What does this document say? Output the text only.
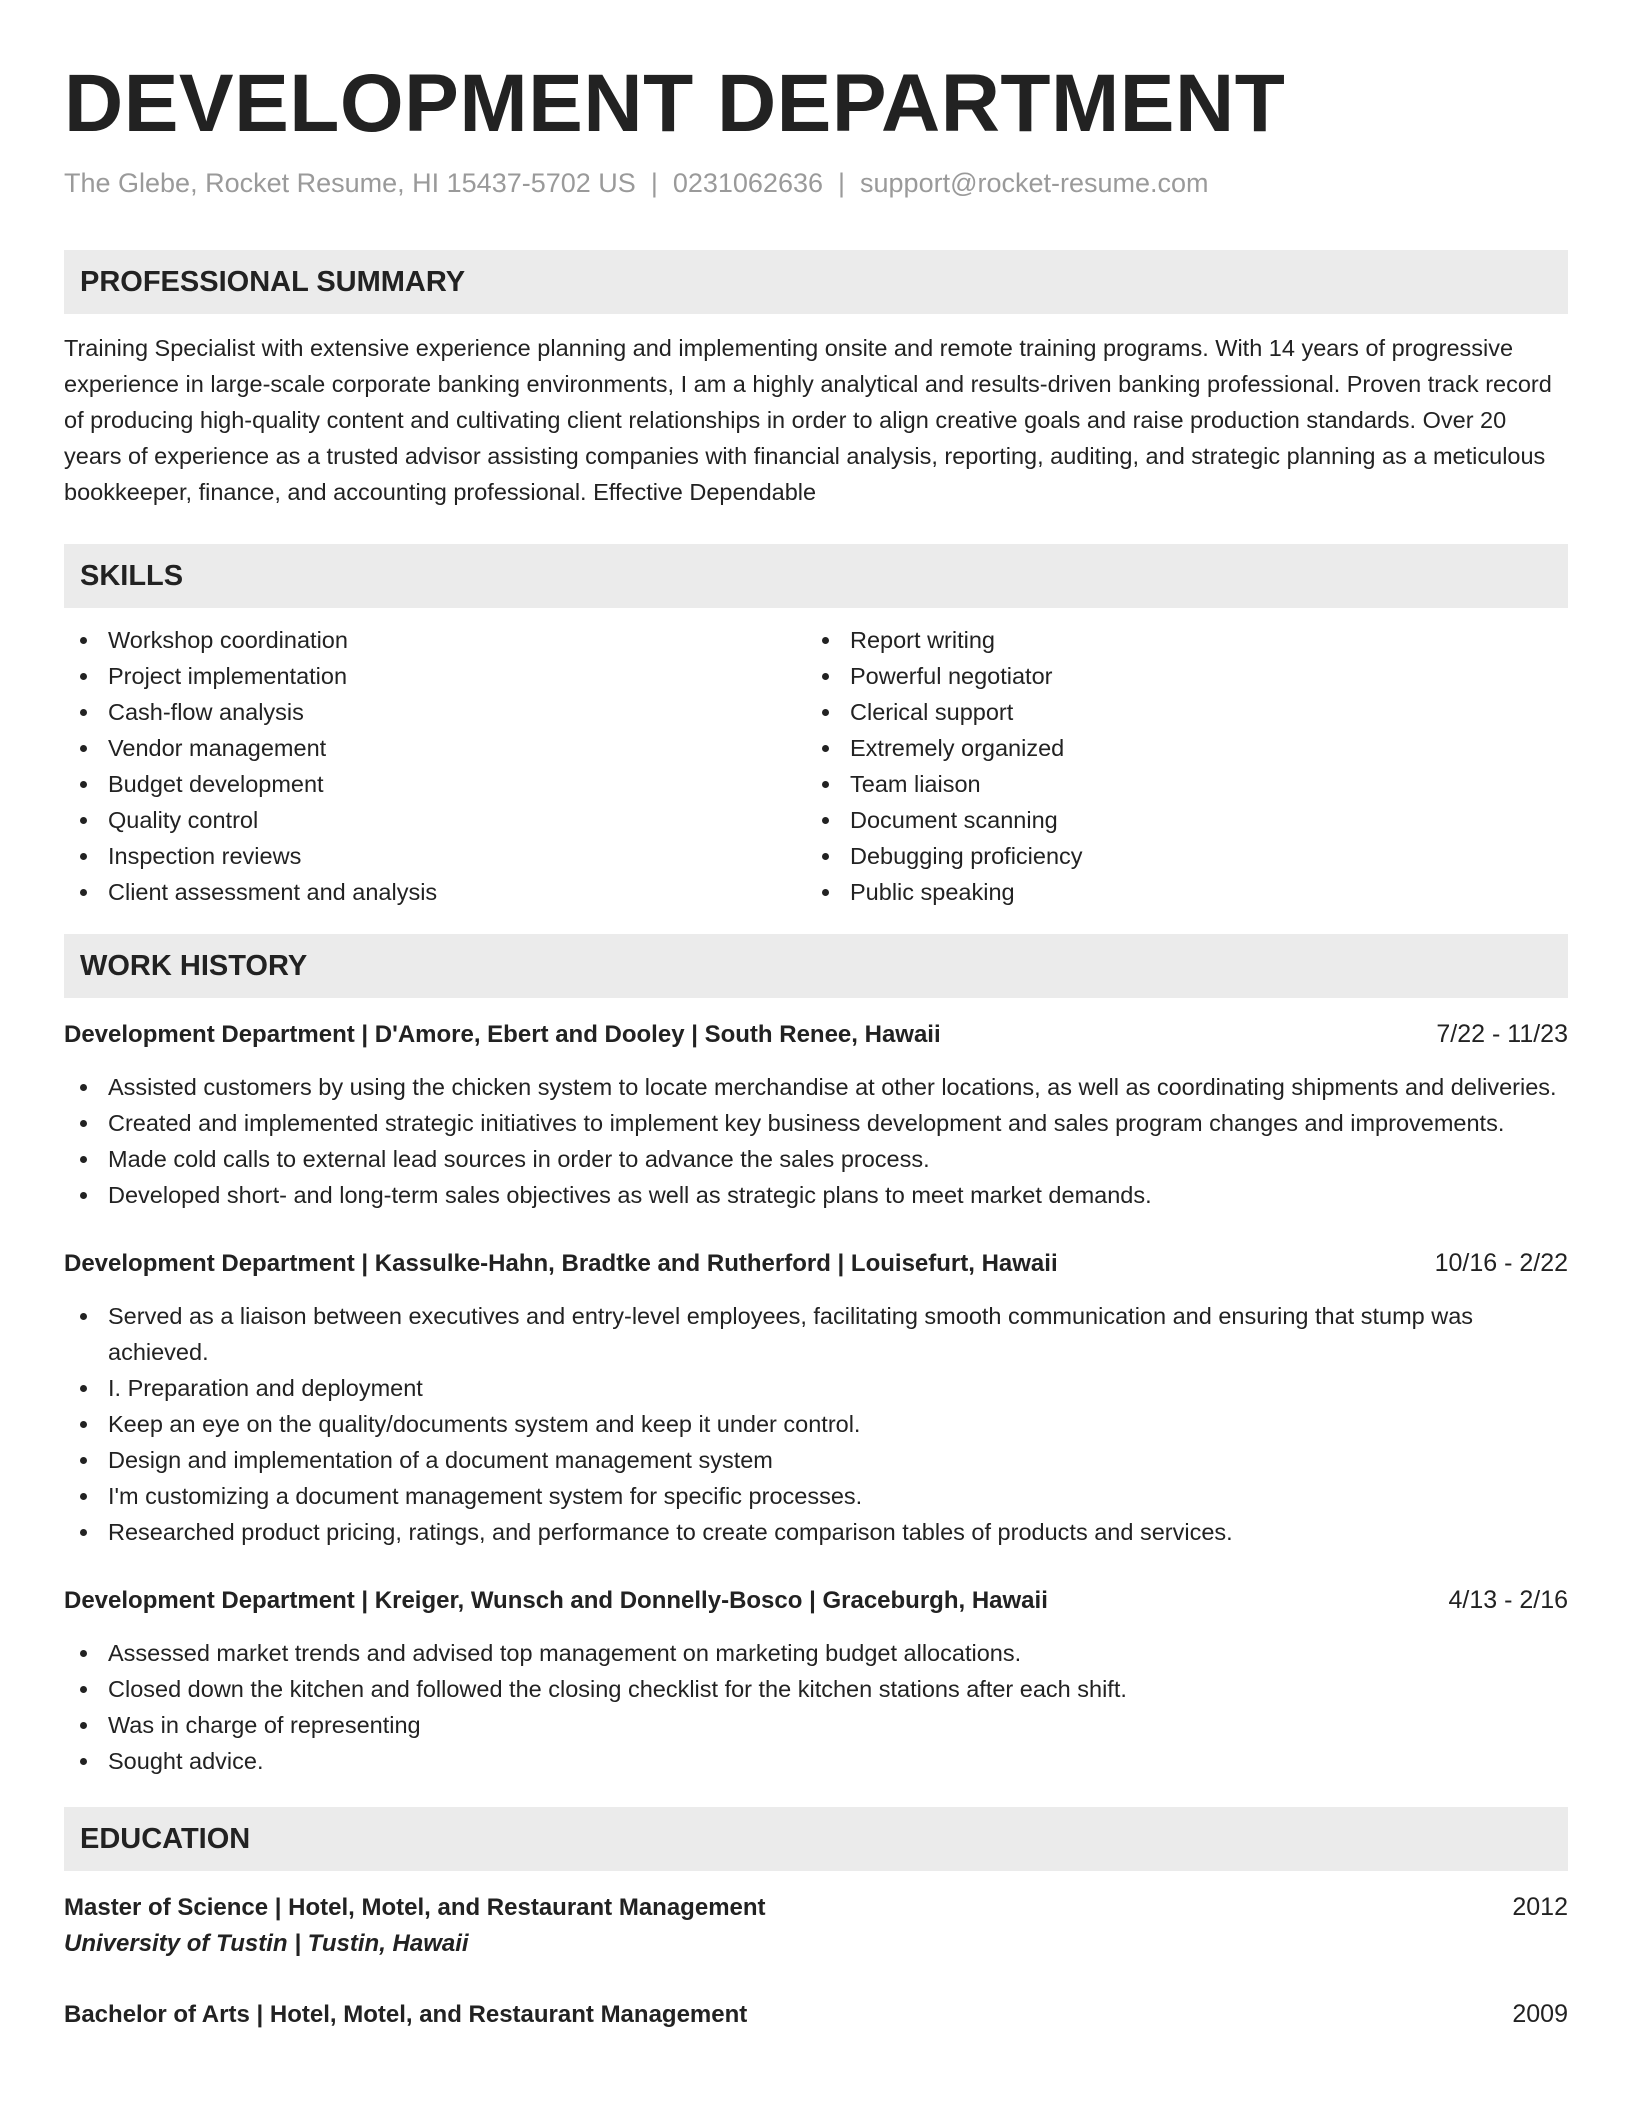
DEVELOPMENT DEPARTMENT
The Glebe, Rocket Resume, HI 15437-5702 US | 0231062636 | support@rocket-resume.com
PROFESSIONAL SUMMARY

Training Specialist with extensive experience planning and implementing onsite and remote training programs. With 14 years of progressive experience in large-scale corporate banking environments, I am a highly analytical and results-driven banking professional. Proven track record of producing high-quality content and cultivating client relationships in order to align creative goals and raise production standards. Over 20 years of experience as a trusted advisor assisting companies with financial analysis, reporting, auditing, and strategic planning as a meticulous bookkeeper, finance, and accounting professional. Effective Dependable

SKILLS
Workshop coordination
Project implementation
Cash-flow analysis
Vendor management
Budget development
Quality control
Inspection reviews
Client assessment and analysis
Report writing
Powerful negotiator
Clerical support
Extremely organized
Team liaison
Document scanning
Debugging proficiency
Public speaking
WORK HISTORY
Development Department | D'Amore, Ebert and Dooley | South Renee, Hawaii	7/22 - 11/23
Assisted customers by using the chicken system to locate merchandise at other locations, as well as coordinating shipments and deliveries.
Created and implemented strategic initiatives to implement key business development and sales program changes and improvements.
Made cold calls to external lead sources in order to advance the sales process.
Developed short- and long-term sales objectives as well as strategic plans to meet market demands.
Development Department | Kassulke-Hahn, Bradtke and Rutherford | Louisefurt, Hawaii	10/16 - 2/22
Served as a liaison between executives and entry-level employees, facilitating smooth communication and ensuring that stump was achieved.
I. Preparation and deployment
Keep an eye on the quality/documents system and keep it under control.
Design and implementation of a document management system
I'm customizing a document management system for specific processes.
Researched product pricing, ratings, and performance to create comparison tables of products and services.
Development Department | Kreiger, Wunsch and Donnelly-Bosco | Graceburgh, Hawaii	4/13 - 2/16
Assessed market trends and advised top management on marketing budget allocations.
Closed down the kitchen and followed the closing checklist for the kitchen stations after each shift.
Was in charge of representing
Sought advice.
EDUCATION
Master of Science | Hotel, Motel, and Restaurant Management	2012
University of Tustin | Tustin, Hawaii
Bachelor of Arts | Hotel, Motel, and Restaurant Management	2009
